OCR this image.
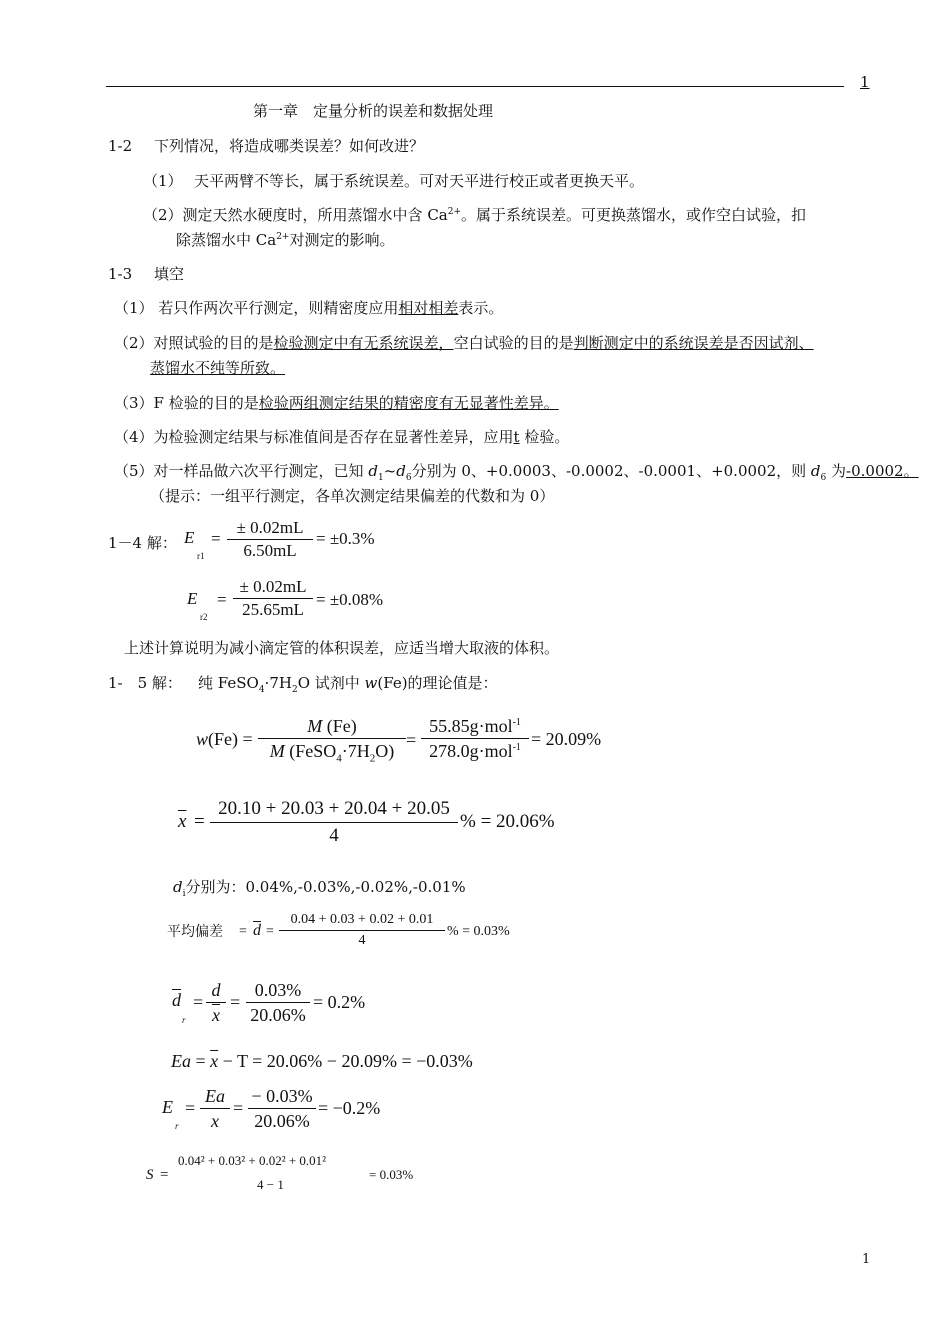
1
第一章　定量分析的误差和数据处理
1-2 下列情况，将造成哪类误差？如何改进？
（1） 天平两臂不等长，属于系统误差。可对天平进行校正或者更换天平。
（2）测定天然水硬度时，所用蒸馏水中含 $Ca^{2+}$。属于系统误差。可更换蒸馏水，或作空白试验，扣
除蒸馏水中 $Ca^{2+}$对测定的影响。
1-3 填空
（1） 若只作两次平行测定，则精密度应用相对相差表示。
（2）对照试验的目的是检验测定中有无系统误差，空白试验的目的是判断测定中的系统误差是否因试剂、
蒸馏水不纯等所致。
（3）F 检验的目的是检验两组测定结果的精密度有无显著性差异。
（4）为检验测定结果与标准值间是否存在显著性差异，应用t 检验。
（5）对一样品做六次平行测定，已知 $d_1\sim d_6$分别为 0、+0.0003、-0.0002、-0.0001、+0.0002，则 $d_6$ 为-0.0002。
（提示：一组平行测定，各单次测定结果偏差的代数和为 0）
1－4 解： E
r1
=
± 0.02mL
6.50mL
= ±0.3%
E
r2
=
± 0.02mL
25.65mL
= ±0.08%
上述计算说明为减小滴定管的体积误差，应适当增大取液的体积。
1-　5 解： 纯 $FeSO_4\cdot 7H_2O$ 试剂中 w(Fe)的理论值是：
w(Fe) =
M (Fe)
M $(FeSO_4\cdot 7H_2O)$
=
55.85g·mol$^{-1}$
278.0g·mol$^{-1}$ = 20.09%
$\overline{x}$ =
20.10 + 20.03 + 20.04 + 20.05
4
% = 20.06%
$d_i$分别为：0.04%,-0.03%,-0.02%,-0.01%
平均偏差 = $\overline{d}$ =
0.04 + 0.03 + 0.02 + 0.01
4
% = 0.03%
$\overline{d}$
r
= $\frac{d}{x}$ =
0.03%
20.06%
= 0.2%
$Ea = \overline{x} - T = 20.06\% - 20.09\% = -0.03\%$
E
r
=
Ea
x
=
− 0.03%
20.06%
= −0.2%
S =
0.04² + 0.03² + 0.02² + 0.01²
4 − 1
= 0.03%
1
